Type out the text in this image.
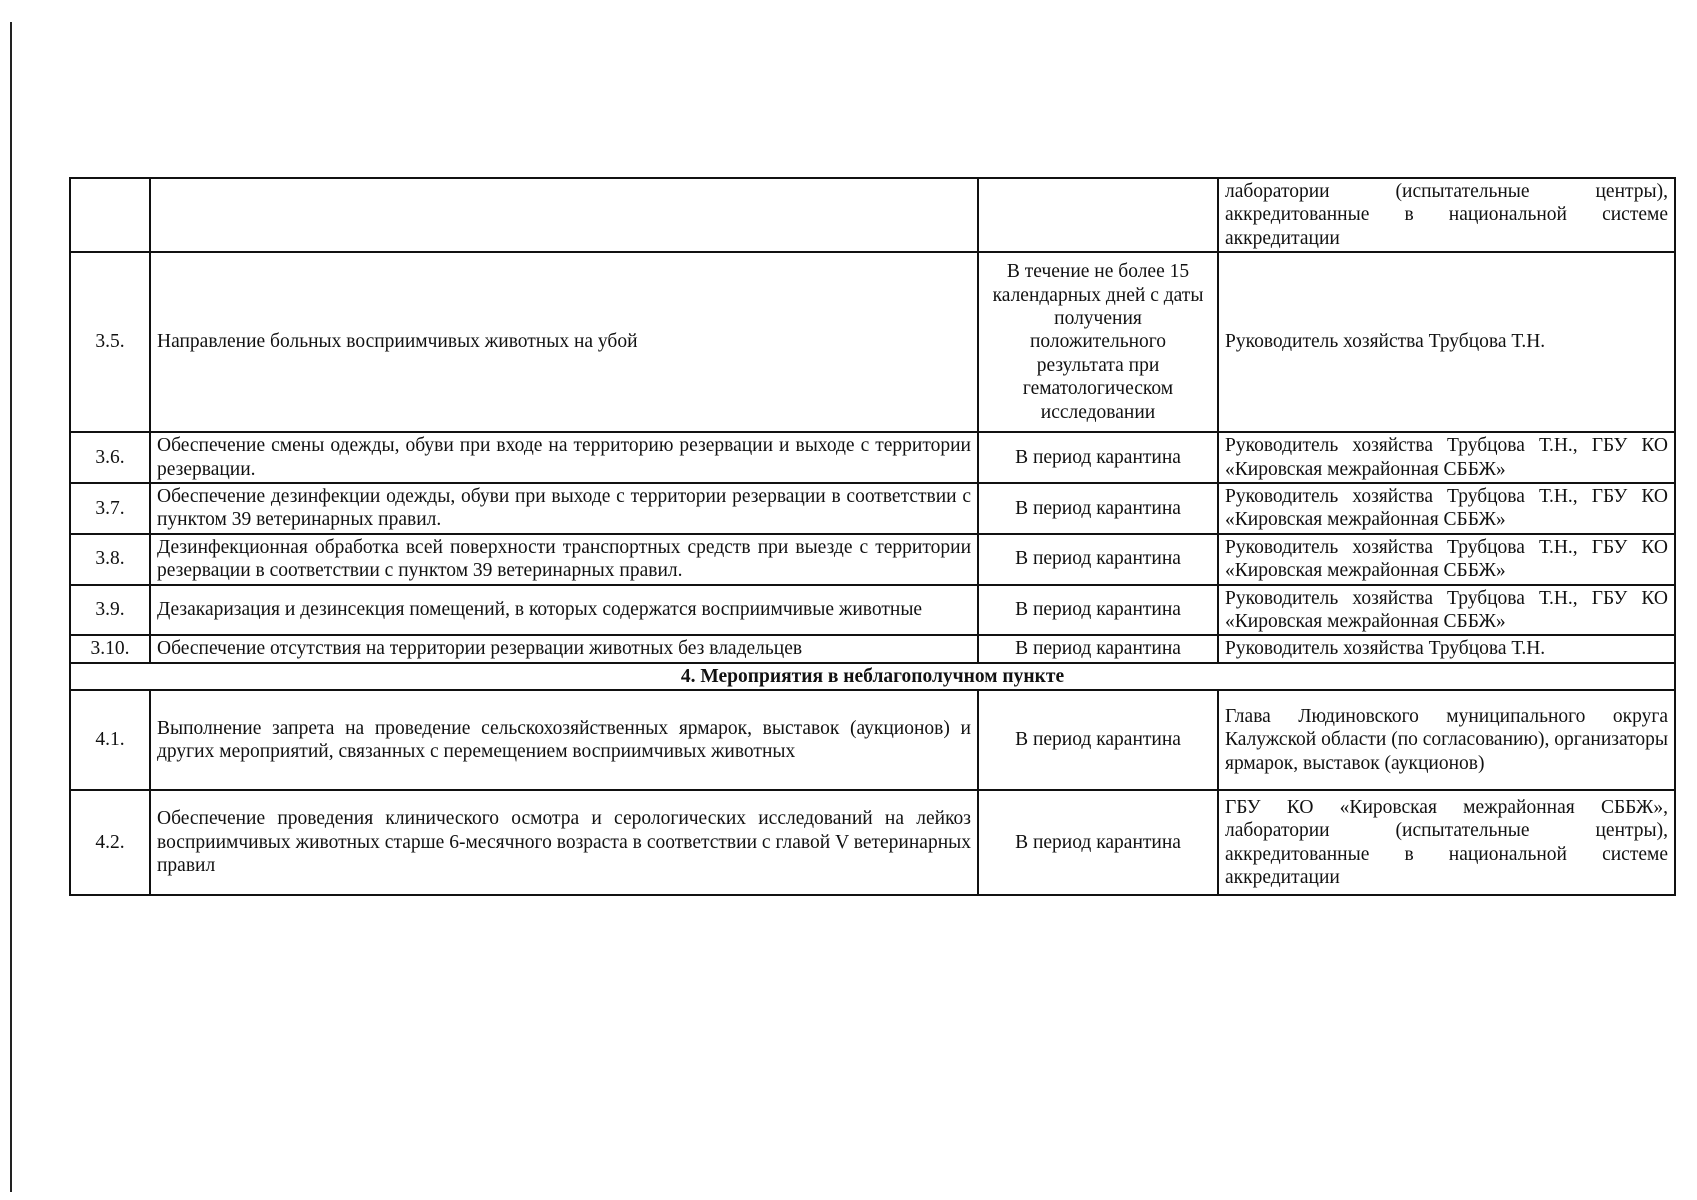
			лаборатории (испытательные центры), аккредитованные в национальной системе аккредитации
3.5.	Направление больных восприимчивых животных на убой	В течение не более 15 календарных дней с даты получения положительного результата при гематологическом исследовании	Руководитель хозяйства Трубцова Т.Н.
3.6.	Обеспечение смены одежды, обуви при входе на территорию резервации и выходе с территории резервации.	В период карантина	Руководитель хозяйства Трубцова Т.Н., ГБУ КО «Кировская межрайонная СББЖ»
3.7.	Обеспечение дезинфекции одежды, обуви при выходе с территории резервации в соответствии с пунктом 39 ветеринарных правил.	В период карантина	Руководитель хозяйства Трубцова Т.Н., ГБУ КО «Кировская межрайонная СББЖ»
3.8.	Дезинфекционная обработка всей поверхности транспортных средств при выезде с территории резервации в соответствии с пунктом 39 ветеринарных правил.	В период карантина	Руководитель хозяйства Трубцова Т.Н., ГБУ КО «Кировская межрайонная СББЖ»
3.9.	Дезакаризация и дезинсекция помещений, в которых содержатся восприимчивые животные	В период карантина	Руководитель хозяйства Трубцова Т.Н., ГБУ КО «Кировская межрайонная СББЖ»
3.10.	Обеспечение отсутствия на территории резервации животных без владельцев	В период карантина	Руководитель хозяйства Трубцова Т.Н.
4. Мероприятия в неблагополучном пункте			
4.1.	Выполнение запрета на проведение сельскохозяйственных ярмарок, выставок (аукционов) и других мероприятий, связанных с перемещением восприимчивых животных	В период карантина	Глава Людиновского муниципального округа Калужской области (по согласованию), организаторы ярмарок, выставок (аукционов)
4.2.	Обеспечение проведения клинического осмотра и серологических исследований на лейкоз восприимчивых животных старше 6-месячного возраста в соответствии с главой V ветеринарных правил	В период карантина	ГБУ КО «Кировская межрайонная СББЖ», лаборатории (испытательные центры), аккредитованные в национальной системе аккредитации
